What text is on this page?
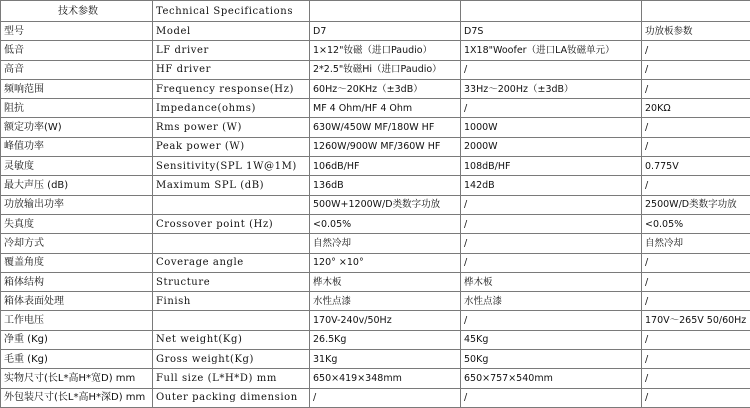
技术参数	Technical Specifications			
型号	Model	D7	D7S	功放板参数
低音	LF driver	1×12"钕磁（进口Paudio）	1X18"Woofer（进口LA钕磁单元）	/
高音	HF driver	2*2.5"钕磁Hi（进口Paudio）	/	/
频响范围	Frequency response(Hz)	60Hz～20KHz（±3dB）	33Hz～200Hz（±3dB）	/
阻抗	Impedance(ohms)	MF 4 Ohm/HF 4 Ohm	/	20KΩ
额定功率(W)	Rms power (W)	630W/450W MF/180W HF	1000W	/
峰值功率	Peak power (W)	1260W/900W MF/360W HF	2000W	/
灵敏度	Sensitivity(SPL 1W@1M)	106dB/HF	108dB/HF	0.775V
最大声压 (dB)	Maximum SPL (dB)	136dB	142dB	/
功放输出功率		500W+1200W/D类数字功放	/	2500W/D类数字功放
失真度	Crossover point (Hz)	<0.05%	/	<0.05%
冷却方式		自然冷却	/	自然冷却
覆盖角度	Coverage angle	120° ×10°	/	/
箱体结构	Structure	桦木板	桦木板	/
箱体表面处理	Finish	水性点漆	水性点漆	/
工作电压		170V-240v/50Hz	/	170V～265V 50/60Hz
净重 (Kg)	Net weight(Kg)	26.5Kg	45Kg	/
毛重 (Kg)	Gross weight(Kg)	31Kg	50Kg	/
实物尺寸(长L*高H*宽D) mm	Full size (L*H*D) mm	650×419×348mm	650×757×540mm	/
外包装尺寸(长L*高H*深D) mm	Outer packing dimension	/	/	/
